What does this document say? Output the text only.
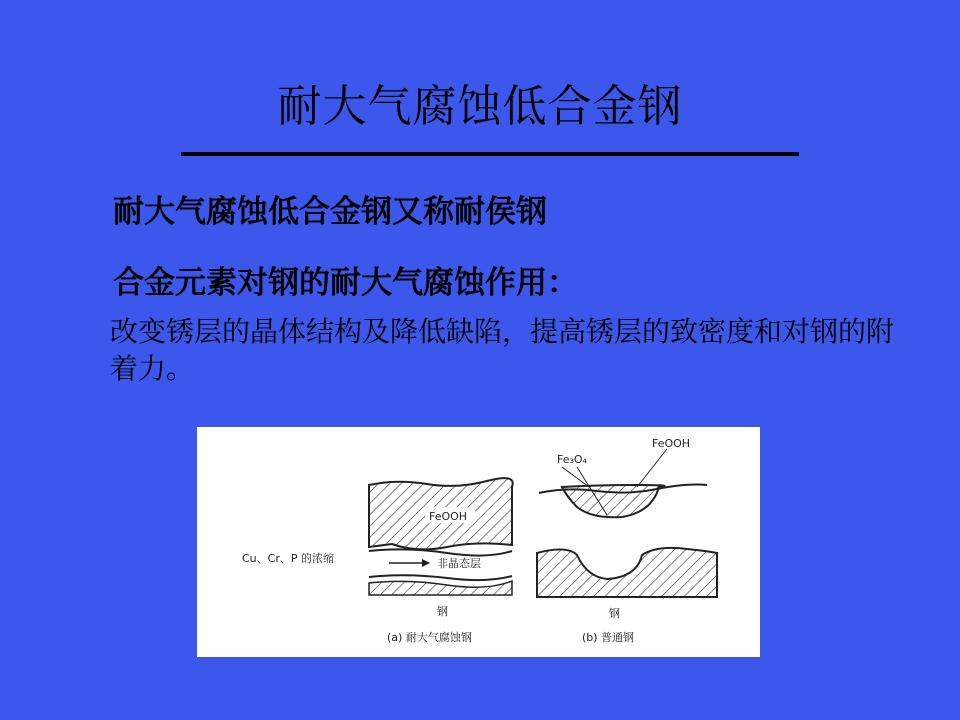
耐大气腐蚀低合金钢
耐大气腐蚀低合金钢又称耐侯钢
合金元素对钢的耐大气腐蚀作用：
改变锈层的晶体结构及降低缺陷，提高锈层的致密度和对钢的附着力。
FeOOH
非晶态层
钢
(a) 耐大气腐蚀钢
Cu、Cr、P 的浓缩
Fe₃O₄
FeOOH
钢
(b) 普通钢
